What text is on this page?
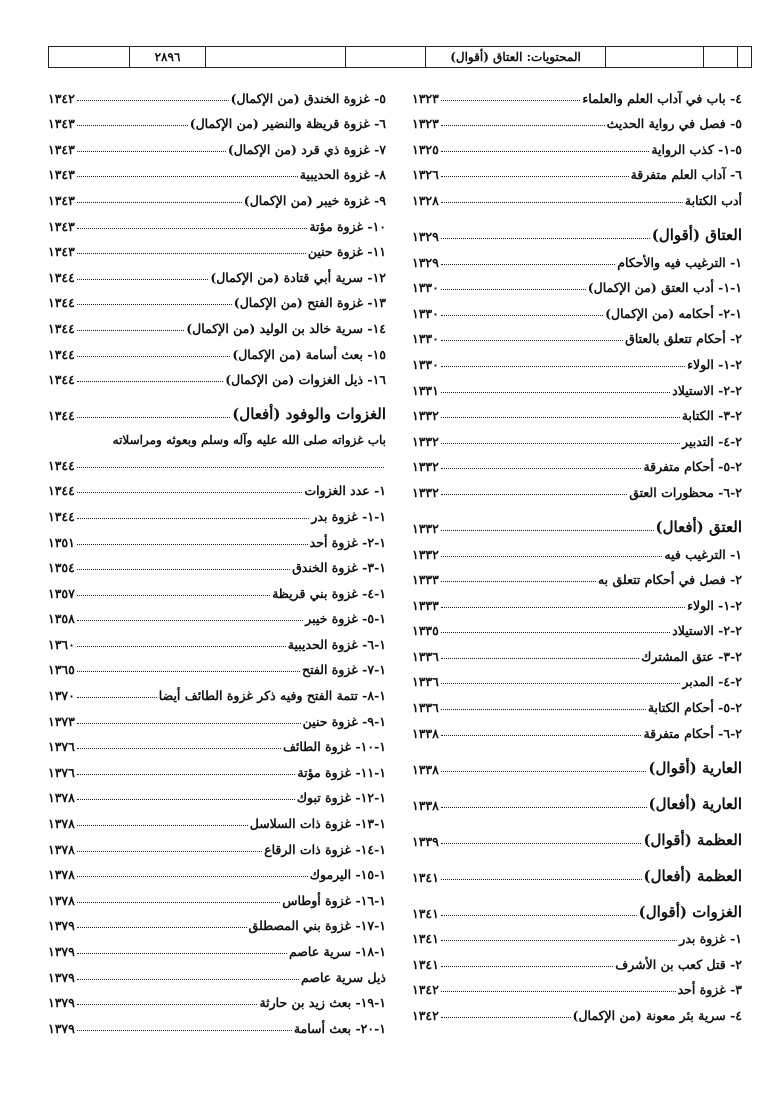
المحتويات: العتاق (أقوال)
٢٨٩٦
٤- باب في آداب العلم والعلماء
١٣٢٣
٥- فصل في رواية الحديث
١٣٢٣
٥-١- كذب الرواية
١٣٢٥
٦- آداب العلم متفرقة
١٣٢٦
أدب الكتابة
١٣٢٨
العتاق (أقوال)
١٣٢٩
١- الترغيب فيه والأحكام
١٣٢٩
١-١- أدب العتق (من الإكمال)
١٣٣٠
١-٢- أحكامه (من الإكمال)
١٣٣٠
٢- أحكام تتعلق بالعتاق
١٣٣٠
٢-١- الولاء
١٣٣٠
٢-٢- الاستيلاد
١٣٣١
٢-٣- الكتابة
١٣٣٢
٢-٤- التدبير
١٣٣٢
٢-٥- أحكام متفرقة
١٣٣٢
٢-٦- محظورات العتق
١٣٣٢
العتق (أفعال)
١٣٣٢
١- الترغيب فيه
١٣٣٢
٢- فصل في أحكام تتعلق به
١٣٣٣
٢-١- الولاء
١٣٣٣
٢-٢- الاستيلاد
١٣٣٥
٢-٣- عتق المشترك
١٣٣٦
٢-٤- المدبر
١٣٣٦
٢-٥- أحكام الكتابة
١٣٣٦
٢-٦- أحكام متفرقة
١٣٣٨
العارية (أقوال)
١٣٣٨
العارية (أفعال)
١٣٣٨
العظمة (أقوال)
١٣٣٩
العظمة (أفعال)
١٣٤١
الغزوات (أقوال)
١٣٤١
١- غزوة بدر
١٣٤١
٢- قتل كعب بن الأشرف
١٣٤١
٣- غزوة أحد
١٣٤٢
٤- سرية بئر معونة (من الإكمال)
١٣٤٢
٥- غزوة الخندق (من الإكمال)
١٣٤٢
٦- غزوة قريظة والنضير (من الإكمال)
١٣٤٣
٧- غزوة ذي قرد (من الإكمال)
١٣٤٣
٨- غزوة الحديبية
١٣٤٣
٩- غزوة خيبر (من الإكمال)
١٣٤٣
١٠- غزوة مؤتة
١٣٤٣
١١- غزوة حنين
١٣٤٣
١٢- سرية أبي قتادة (من الإكمال)
١٣٤٤
١٣- غزوة الفتح (من الإكمال)
١٣٤٤
١٤- سرية خالد بن الوليد (من الإكمال)
١٣٤٤
١٥- بعث أسامة (من الإكمال)
١٣٤٤
١٦- ذيل الغزوات (من الإكمال)
١٣٤٤
الغزوات والوفود (أفعال)
١٣٤٤
باب غزواته صلى الله عليه وآله وسلم وبعوثه ومراسلاته
١٣٤٤
١- عدد الغزوات
١٣٤٤
١-١- غزوة بدر
١٣٤٤
١-٢- غزوة أحد
١٣٥١
١-٣- غزوة الخندق
١٣٥٤
١-٤- غزوة بني قريظة
١٣٥٧
١-٥- غزوة خيبر
١٣٥٨
١-٦- غزوة الحديبية
١٣٦٠
١-٧- غزوة الفتح
١٣٦٥
١-٨- تتمة الفتح وفيه ذكر غزوة الطائف أيضا
١٣٧٠
١-٩- غزوة حنين
١٣٧٣
١-١٠- غزوة الطائف
١٣٧٦
١-١١- غزوة مؤتة
١٣٧٦
١-١٢- غزوة تبوك
١٣٧٨
١-١٣- غزوة ذات السلاسل
١٣٧٨
١-١٤- غزوة ذات الرقاع
١٣٧٨
١-١٥- اليرموك
١٣٧٨
١-١٦- غزوة أوطاس
١٣٧٨
١-١٧- غزوة بني المصطلق
١٣٧٩
١-١٨- سرية عاصم
١٣٧٩
ذيل سرية عاصم
١٣٧٩
١-١٩- بعث زيد بن حارثة
١٣٧٩
١-٢٠- بعث أسامة
١٣٧٩
